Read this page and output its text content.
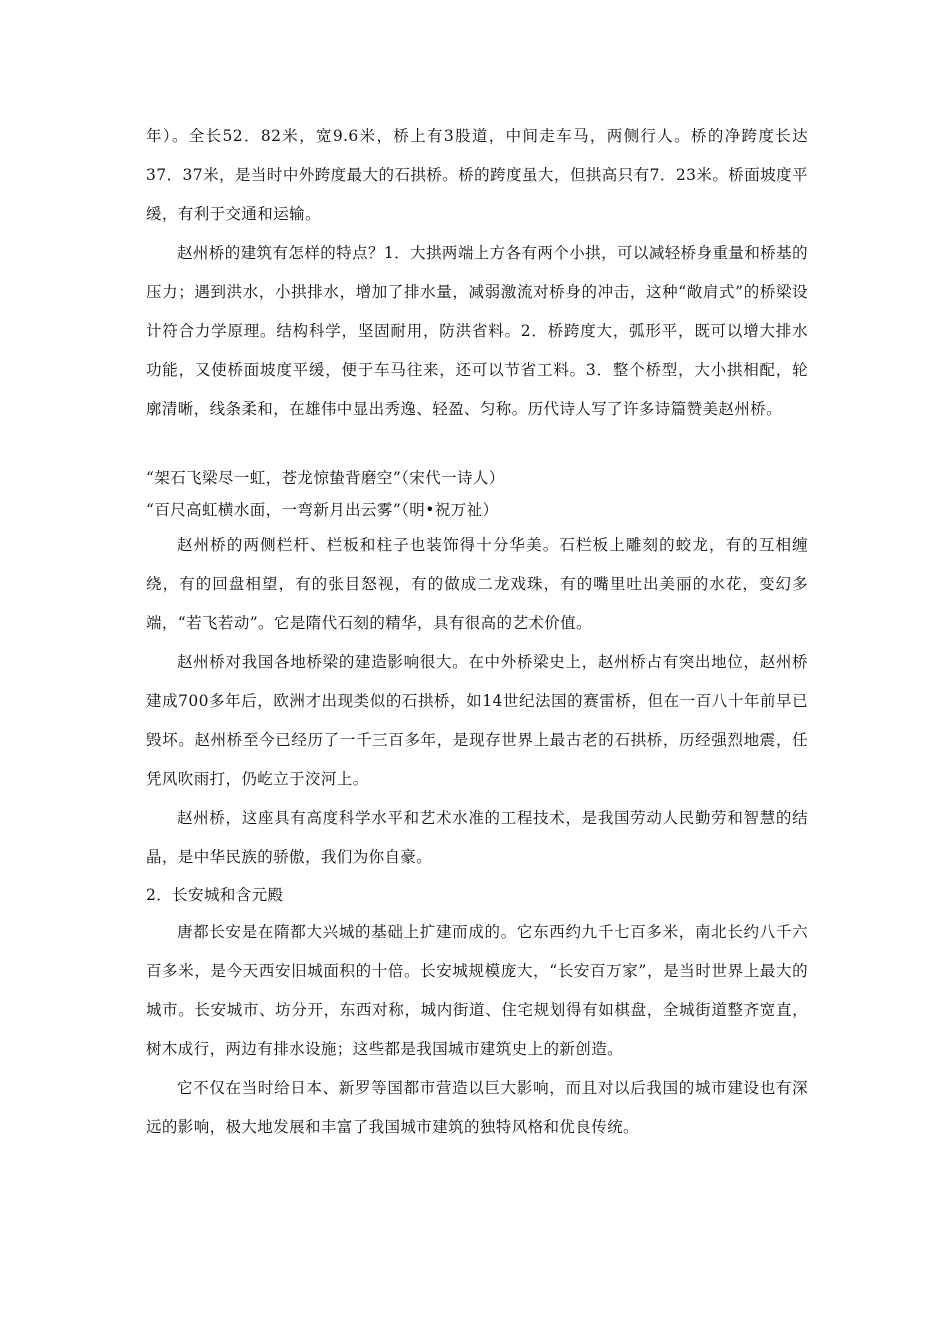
年）。全长52．82米，宽9.6米，桥上有3股道，中间走车马，两侧行人。桥的净跨度长达37．37米，是当时中外跨度最大的石拱桥。桥的跨度虽大，但拱高只有7．23米。桥面坡度平缓，有利于交通和运输。

赵州桥的建筑有怎样的特点？1．大拱两端上方各有两个小拱，可以减轻桥身重量和桥基的压力；遇到洪水，小拱排水，增加了排水量，减弱激流对桥身的冲击，这种“敞肩式”的桥梁设计符合力学原理。结构科学，坚固耐用，防洪省料。2．桥跨度大，弧形平，既可以增大排水功能，又使桥面坡度平缓，便于车马往来，还可以节省工料。3．整个桥型，大小拱相配，轮廓清晰，线条柔和，在雄伟中显出秀逸、轻盈、匀称。历代诗人写了许多诗篇赞美赵州桥。

“架石飞梁尽一虹，苍龙惊蛰背磨空”（宋代一诗人）

“百尺高虹横水面，一弯新月出云雾”（明•祝万祉）

赵州桥的两侧栏杆、栏板和柱子也装饰得十分华美。石栏板上雕刻的蛟龙，有的互相缠绕，有的回盘相望，有的张目怒视，有的做成二龙戏珠，有的嘴里吐出美丽的水花，变幻多端，“若飞若动”。它是隋代石刻的精华，具有很高的艺术价值。

赵州桥对我国各地桥梁的建造影响很大。在中外桥梁史上，赵州桥占有突出地位，赵州桥建成700多年后，欧洲才出现类似的石拱桥，如14世纪法国的赛雷桥，但在一百八十年前早已毁坏。赵州桥至今已经历了一千三百多年，是现存世界上最古老的石拱桥，历经强烈地震，任凭风吹雨打，仍屹立于洨河上。

赵州桥，这座具有高度科学水平和艺术水准的工程技术，是我国劳动人民勤劳和智慧的结晶，是中华民族的骄傲，我们为你自豪。

2．长安城和含元殿

唐都长安是在隋都大兴城的基础上扩建而成的。它东西约九千七百多米，南北长约八千六百多米，是今天西安旧城面积的十倍。长安城规模庞大，“长安百万家”，是当时世界上最大的城市。长安城市、坊分开，东西对称，城内街道、住宅规划得有如棋盘，全城街道整齐宽直，树木成行，两边有排水设施；这些都是我国城市建筑史上的新创造。

它不仅在当时给日本、新罗等国都市营造以巨大影响，而且对以后我国的城市建设也有深远的影响，极大地发展和丰富了我国城市建筑的独特风格和优良传统。
